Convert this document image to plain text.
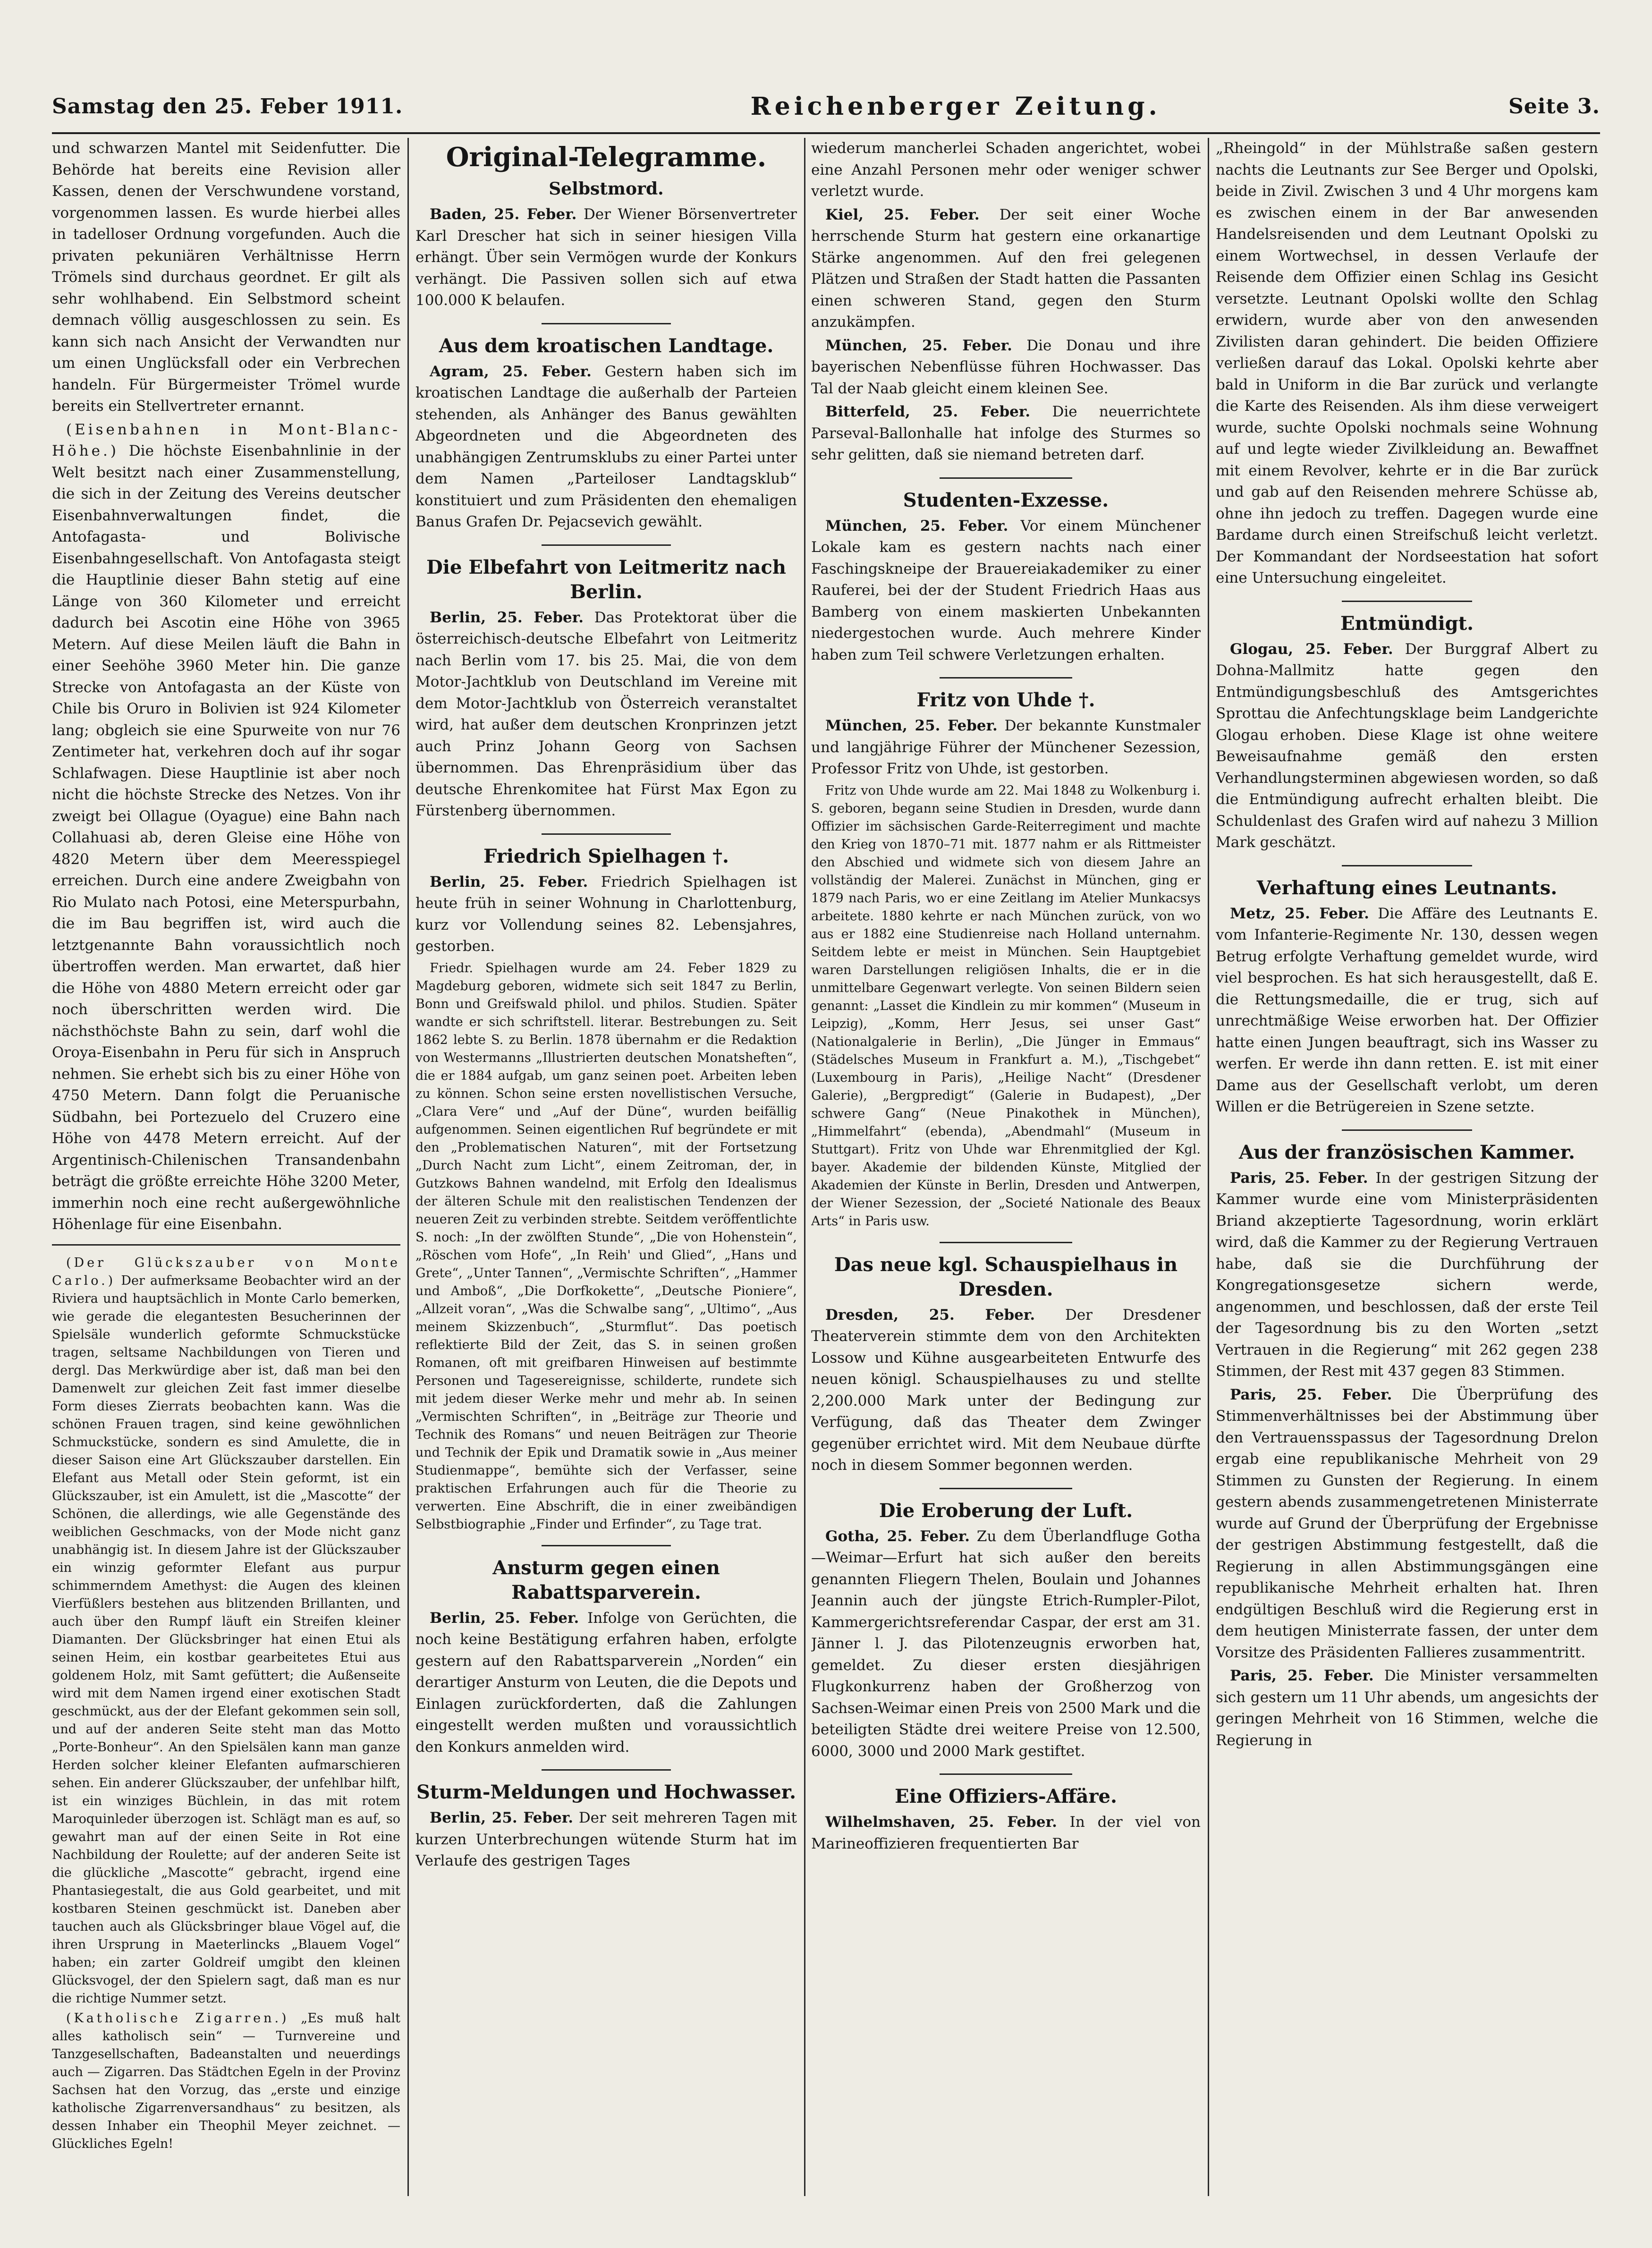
Samstag den 25. Feber 1911.	Reichenberger Zeitung.	Seite 3.

und schwarzen Mantel mit Seidenfutter. Die Behörde hat bereits eine Revision aller Kassen, denen der Verschwundene vorstand, vorgenommen lassen. Es wurde hierbei alles in tadelloser Ordnung vorgefunden. Auch die privaten pekuniären Verhältnisse Herrn Trömels sind durchaus geordnet. Er gilt als sehr wohlhabend. Ein Selbstmord scheint demnach völlig ausgeschlossen zu sein. Es kann sich nach Ansicht der Verwandten nur um einen Unglücksfall oder ein Verbrechen handeln. Für Bürgermeister Trömel wurde bereits ein Stellvertreter ernannt.

(Eisenbahnen in Mont-Blanc-Höhe.) Die höchste Eisenbahnlinie in der Welt besitzt nach einer Zusammenstellung, die sich in der Zeitung des Vereins deutscher Eisenbahnverwaltungen findet, die Antofagasta- und Bolivische Eisenbahngesellschaft. Von Antofagasta steigt die Hauptlinie dieser Bahn stetig auf eine Länge von 360 Kilometer und erreicht dadurch bei Ascotin eine Höhe von 3965 Metern. Auf diese Meilen läuft die Bahn in einer Seehöhe 3960 Meter hin. Die ganze Strecke von Antofagasta an der Küste von Chile bis Oruro in Bolivien ist 924 Kilometer lang; obgleich sie eine Spurweite von nur 76 Zentimeter hat, verkehren doch auf ihr sogar Schlafwagen. Diese Hauptlinie ist aber noch nicht die höchste Strecke des Netzes. Von ihr zweigt bei Ollague (Oyague) eine Bahn nach Collahuasi ab, deren Gleise eine Höhe von 4820 Metern über dem Meeresspiegel erreichen. Durch eine andere Zweigbahn von Rio Mulato nach Potosi, eine Meterspurbahn, die im Bau begriffen ist, wird auch die letztgenannte Bahn voraussichtlich noch übertroffen werden. Man erwartet, daß hier die Höhe von 4880 Metern erreicht oder gar noch überschritten werden wird. Die nächsthöchste Bahn zu sein, darf wohl die Oroya-Eisenbahn in Peru für sich in Anspruch nehmen. Sie erhebt sich bis zu einer Höhe von 4750 Metern. Dann folgt die Peruanische Südbahn, bei Portezuelo del Cruzero eine Höhe von 4478 Metern erreicht. Auf der Argentinisch-Chilenischen Transandenbahn beträgt die größte erreichte Höhe 3200 Meter, immerhin noch eine recht außergewöhnliche Höhenlage für eine Eisenbahn.

(Der Glückszauber von Monte Carlo.) Der aufmerksame Beobachter wird an der Riviera und hauptsächlich in Monte Carlo bemerken, wie gerade die elegantesten Besucherinnen der Spielsäle wunderlich geformte Schmuckstücke tragen, seltsame Nachbildungen von Tieren und dergl. Das Merkwürdige aber ist, daß man bei den Damenwelt zur gleichen Zeit fast immer dieselbe Form dieses Zierrats beobachten kann. Was die schönen Frauen tragen, sind keine gewöhnlichen Schmuckstücke, sondern es sind Amulette, die in dieser Saison eine Art Glückszauber darstellen. Ein Elefant aus Metall oder Stein geformt, ist ein Glückszauber, ist ein Amulett, ist die „Mascotte“ der Schönen, die allerdings, wie alle Gegenstände des weiblichen Geschmacks, von der Mode nicht ganz unabhängig ist. In diesem Jahre ist der Glückszauber ein winzig geformter Elefant aus purpur schimmerndem Amethyst: die Augen des kleinen Vierfüßlers bestehen aus blitzenden Brillanten, und auch über den Rumpf läuft ein Streifen kleiner Diamanten. Der Glücksbringer hat einen Etui als seinen Heim, ein kostbar gearbeitetes Etui aus goldenem Holz, mit Samt gefüttert; die Außenseite wird mit dem Namen irgend einer exotischen Stadt geschmückt, aus der der Elefant gekommen sein soll, und auf der anderen Seite steht man das Motto „Porte-Bonheur“. An den Spielsälen kann man ganze Herden solcher kleiner Elefanten aufmarschieren sehen. Ein anderer Glückszauber, der unfehlbar hilft, ist ein winziges Büchlein, in das mit rotem Maroquinleder überzogen ist. Schlägt man es auf, so gewahrt man auf der einen Seite in Rot eine Nachbildung der Roulette; auf der anderen Seite ist die glückliche „Mascotte“ gebracht, irgend eine Phantasiegestalt, die aus Gold gearbeitet, und mit kostbaren Steinen geschmückt ist. Daneben aber tauchen auch als Glücksbringer blaue Vögel auf, die ihren Ursprung in Maeterlincks „Blauem Vogel“ haben; ein zarter Goldreif umgibt den kleinen Glücksvogel, der den Spielern sagt, daß man es nur die richtige Nummer setzt.

(Katholische Zigarren.) „Es muß halt alles katholisch sein“ — Turnvereine und Tanzgesellschaften, Badeanstalten und neuerdings auch — Zigarren. Das Städtchen Egeln in der Provinz Sachsen hat den Vorzug, das „erste und einzige katholische Zigarrenversandhaus“ zu besitzen, als dessen Inhaber ein Theophil Meyer zeichnet. — Glückliches Egeln!

Original-Telegramme.
Selbstmord.

Baden, 25. Feber. Der Wiener Börsenvertreter Karl Drescher hat sich in seiner hiesigen Villa erhängt. Über sein Vermögen wurde der Konkurs verhängt. Die Passiven sollen sich auf etwa 100.000 K belaufen.

Aus dem kroatischen Landtage.

Agram, 25. Feber. Gestern haben sich im kroatischen Landtage die außerhalb der Parteien stehenden, als Anhänger des Banus gewählten Abgeordneten und die Abgeordneten des unabhängigen Zentrumsklubs zu einer Partei unter dem Namen „Parteiloser Landtagsklub“ konstituiert und zum Präsidenten den ehemaligen Banus Grafen Dr. Pejacsevich gewählt.

Die Elbefahrt von Leitmeritz nach Berlin.

Berlin, 25. Feber. Das Protektorat über die österreichisch-deutsche Elbefahrt von Leitmeritz nach Berlin vom 17. bis 25. Mai, die von dem Motor-Jachtklub von Deutschland im Vereine mit dem Motor-Jachtklub von Österreich veranstaltet wird, hat außer dem deutschen Kronprinzen jetzt auch Prinz Johann Georg von Sachsen übernommen. Das Ehrenpräsidium über das deutsche Ehrenkomitee hat Fürst Max Egon zu Fürstenberg übernommen.

Friedrich Spielhagen †.

Berlin, 25. Feber. Friedrich Spielhagen ist heute früh in seiner Wohnung in Charlottenburg, kurz vor Vollendung seines 82. Lebensjahres, gestorben.

Friedr. Spielhagen wurde am 24. Feber 1829 zu Magdeburg geboren, widmete sich seit 1847 zu Berlin, Bonn und Greifswald philol. und philos. Studien. Später wandte er sich schriftstell. literar. Bestrebungen zu. Seit 1862 lebte S. zu Berlin. 1878 übernahm er die Redaktion von Westermanns „Illustrierten deutschen Monatsheften“, die er 1884 aufgab, um ganz seinen poet. Arbeiten leben zu können. Schon seine ersten novellistischen Versuche, „Clara Vere“ und „Auf der Düne“, wurden beifällig aufgenommen. Seinen eigentlichen Ruf begründete er mit den „Problematischen Naturen“, mit der Fortsetzung „Durch Nacht zum Licht“, einem Zeitroman, der, in Gutzkows Bahnen wandelnd, mit Erfolg den Idealismus der älteren Schule mit den realistischen Tendenzen der neueren Zeit zu verbinden strebte. Seitdem veröffentlichte S. noch: „In der zwölften Stunde“, „Die von Hohenstein“, „Röschen vom Hofe“, „In Reih' und Glied“, „Hans und Grete“, „Unter Tannen“, „Vermischte Schriften“, „Hammer und Amboß“, „Die Dorfkokette“, „Deutsche Pioniere“, „Allzeit voran“, „Was die Schwalbe sang“, „Ultimo“, „Aus meinem Skizzenbuch“, „Sturmflut“. Das poetisch reflektierte Bild der Zeit, das S. in seinen großen Romanen, oft mit greifbaren Hinweisen auf bestimmte Personen und Tagesereignisse, schilderte, rundete sich mit jedem dieser Werke mehr und mehr ab. In seinen „Vermischten Schriften“, in „Beiträge zur Theorie und Technik des Romans“ und neuen Beiträgen zur Theorie und Technik der Epik und Dramatik sowie in „Aus meiner Studienmappe“, bemühte sich der Verfasser, seine praktischen Erfahrungen auch für die Theorie zu verwerten. Eine Abschrift, die in einer zweibändigen Selbstbiographie „Finder und Erfinder“, zu Tage trat.

Ansturm gegen einen Rabattsparverein.

Berlin, 25. Feber. Infolge von Gerüchten, die noch keine Bestätigung erfahren haben, erfolgte gestern auf den Rabattsparverein „Norden“ ein derartiger Ansturm von Leuten, die die Depots und Einlagen zurückforderten, daß die Zahlungen eingestellt werden mußten und voraussichtlich den Konkurs anmelden wird.

Sturm-Meldungen und Hochwasser.

Berlin, 25. Feber. Der seit mehreren Tagen mit kurzen Unterbrechungen wütende Sturm hat im Verlaufe des gestrigen Tages

wiederum mancherlei Schaden angerichtet, wobei eine Anzahl Personen mehr oder weniger schwer verletzt wurde.

Kiel, 25. Feber. Der seit einer Woche herrschende Sturm hat gestern eine orkanartige Stärke angenommen. Auf den frei gelegenen Plätzen und Straßen der Stadt hatten die Passanten einen schweren Stand, gegen den Sturm anzukämpfen.

München, 25. Feber. Die Donau und ihre bayerischen Nebenflüsse führen Hochwasser. Das Tal der Naab gleicht einem kleinen See.

Bitterfeld, 25. Feber. Die neuerrichtete Parseval-Ballonhalle hat infolge des Sturmes so sehr gelitten, daß sie niemand betreten darf.

Studenten-Exzesse.

München, 25. Feber. Vor einem Münchener Lokale kam es gestern nachts nach einer Faschingskneipe der Brauereiakademiker zu einer Rauferei, bei der der Student Friedrich Haas aus Bamberg von einem maskierten Unbekannten niedergestochen wurde. Auch mehrere Kinder haben zum Teil schwere Verletzungen erhalten.

Fritz von Uhde †.

München, 25. Feber. Der bekannte Kunstmaler und langjährige Führer der Münchener Sezession, Professor Fritz von Uhde, ist gestorben.

Fritz von Uhde wurde am 22. Mai 1848 zu Wolkenburg i. S. geboren, begann seine Studien in Dresden, wurde dann Offizier im sächsischen Garde-Reiterregiment und machte den Krieg von 1870–71 mit. 1877 nahm er als Rittmeister den Abschied und widmete sich von diesem Jahre an vollständig der Malerei. Zunächst in München, ging er 1879 nach Paris, wo er eine Zeitlang im Atelier Munkacsys arbeitete. 1880 kehrte er nach München zurück, von wo aus er 1882 eine Studienreise nach Holland unternahm. Seitdem lebte er meist in München. Sein Hauptgebiet waren Darstellungen religiösen Inhalts, die er in die unmittelbare Gegenwart verlegte. Von seinen Bildern seien genannt: „Lasset die Kindlein zu mir kommen“ (Museum in Leipzig), „Komm, Herr Jesus, sei unser Gast“ (Nationalgalerie in Berlin), „Die Jünger in Emmaus“ (Städelsches Museum in Frankfurt a. M.), „Tischgebet“ (Luxembourg in Paris), „Heilige Nacht“ (Dresdener Galerie), „Bergpredigt“ (Galerie in Budapest), „Der schwere Gang“ (Neue Pinakothek in München), „Himmelfahrt“ (ebenda), „Abendmahl“ (Museum in Stuttgart). Fritz von Uhde war Ehrenmitglied der Kgl. bayer. Akademie der bildenden Künste, Mitglied der Akademien der Künste in Berlin, Dresden und Antwerpen, der Wiener Sezession, der „Societé Nationale des Beaux Arts“ in Paris usw.

Das neue kgl. Schauspielhaus in Dresden.

Dresden, 25. Feber. Der Dresdener Theaterverein stimmte dem von den Architekten Lossow und Kühne ausgearbeiteten Entwurfe des neuen königl. Schauspielhauses zu und stellte 2,200.000 Mark unter der Bedingung zur Verfügung, daß das Theater dem Zwinger gegenüber errichtet wird. Mit dem Neubaue dürfte noch in diesem Sommer begonnen werden.

Die Eroberung der Luft.

Gotha, 25. Feber. Zu dem Überlandfluge Gotha—Weimar—Erfurt hat sich außer den bereits genannten Fliegern Thelen, Boulain und Johannes Jeannin auch der jüngste Etrich-Rumpler-Pilot, Kammergerichtsreferendar Caspar, der erst am 31. Jänner l. J. das Pilotenzeugnis erworben hat, gemeldet. Zu dieser ersten diesjährigen Flugkonkurrenz haben der Großherzog von Sachsen-Weimar einen Preis von 2500 Mark und die beteiligten Städte drei weitere Preise von 12.500, 6000, 3000 und 2000 Mark gestiftet.

Eine Offiziers-Affäre.

Wilhelmshaven, 25. Feber. In der viel von Marineoffizieren frequentierten Bar

„Rheingold“ in der Mühlstraße saßen gestern nachts die Leutnants zur See Berger und Opolski, beide in Zivil. Zwischen 3 und 4 Uhr morgens kam es zwischen einem in der Bar anwesenden Handelsreisenden und dem Leutnant Opolski zu einem Wortwechsel, in dessen Verlaufe der Reisende dem Offizier einen Schlag ins Gesicht versetzte. Leutnant Opolski wollte den Schlag erwidern, wurde aber von den anwesenden Zivilisten daran gehindert. Die beiden Offiziere verließen darauf das Lokal. Opolski kehrte aber bald in Uniform in die Bar zurück und verlangte die Karte des Reisenden. Als ihm diese verweigert wurde, suchte Opolski nochmals seine Wohnung auf und legte wieder Zivilkleidung an. Bewaffnet mit einem Revolver, kehrte er in die Bar zurück und gab auf den Reisenden mehrere Schüsse ab, ohne ihn jedoch zu treffen. Dagegen wurde eine Bardame durch einen Streifschuß leicht verletzt. Der Kommandant der Nordseestation hat sofort eine Untersuchung eingeleitet.

Entmündigt.

Glogau, 25. Feber. Der Burggraf Albert zu Dohna-Mallmitz hatte gegen den Entmündigungsbeschluß des Amtsgerichtes Sprottau die Anfechtungsklage beim Landgerichte Glogau erhoben. Diese Klage ist ohne weitere Beweisaufnahme gemäß den ersten Verhandlungsterminen abgewiesen worden, so daß die Entmündigung aufrecht erhalten bleibt. Die Schuldenlast des Grafen wird auf nahezu 3 Million Mark geschätzt.

Verhaftung eines Leutnants.

Metz, 25. Feber. Die Affäre des Leutnants E. vom Infanterie-Regimente Nr. 130, dessen wegen Betrug erfolgte Verhaftung gemeldet wurde, wird viel besprochen. Es hat sich herausgestellt, daß E. die Rettungsmedaille, die er trug, sich auf unrechtmäßige Weise erworben hat. Der Offizier hatte einen Jungen beauftragt, sich ins Wasser zu werfen. Er werde ihn dann retten. E. ist mit einer Dame aus der Gesellschaft verlobt, um deren Willen er die Betrügereien in Szene setzte.

Aus der französischen Kammer.

Paris, 25. Feber. In der gestrigen Sitzung der Kammer wurde eine vom Ministerpräsidenten Briand akzeptierte Tagesordnung, worin erklärt wird, daß die Kammer zu der Regierung Vertrauen habe, daß sie die Durchführung der Kongregationsgesetze sichern werde, angenommen, und beschlossen, daß der erste Teil der Tagesordnung bis zu den Worten „setzt Vertrauen in die Regierung“ mit 262 gegen 238 Stimmen, der Rest mit 437 gegen 83 Stimmen.

Paris, 25. Feber. Die Überprüfung des Stimmenverhältnisses bei der Abstimmung über den Vertrauensspassus der Tagesordnung Drelon ergab eine republikanische Mehrheit von 29 Stimmen zu Gunsten der Regierung. In einem gestern abends zusammengetretenen Ministerrate wurde auf Grund der Überprüfung der Ergebnisse der gestrigen Abstimmung festgestellt, daß die Regierung in allen Abstimmungsgängen eine republikanische Mehrheit erhalten hat. Ihren endgültigen Beschluß wird die Regierung erst in dem heutigen Ministerrate fassen, der unter dem Vorsitze des Präsidenten Fallieres zusammentritt.

Paris, 25. Feber. Die Minister versammelten sich gestern um 11 Uhr abends, um angesichts der geringen Mehrheit von 16 Stimmen, welche die Regierung in
